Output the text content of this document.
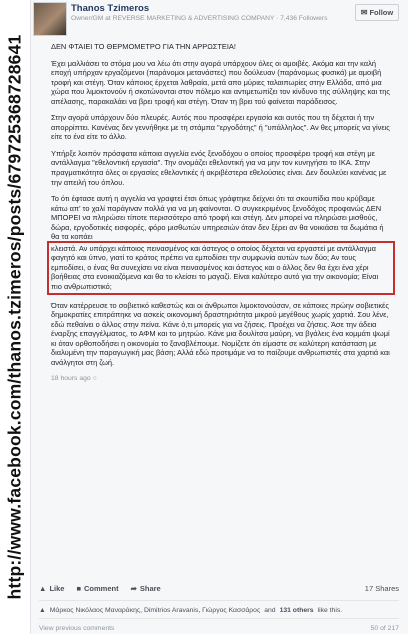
http://www.facebook.com/thanos.tzimeros/posts/679725368728641
Thanos Tzimeros
Owner/GM at REVERSE MARKETING & ADVERTISING COMPANY · 7,436 Followers
✉ Follow

ΔΕΝ ΦΤΑΙΕΙ ΤΟ ΘΕΡΜΟΜΕΤΡΟ ΓΙΑ ΤΗΝ ΑΡΡΩΣΤΕΙΑ!

Έχει μαλλιάσει το στόμα μου να λέω ότι στην αγορά υπάρχουν όλες οι αμοιβές. Ακόμα και την καλή εποχή υπήρχαν εργαζόμενοι (παράνομοι μετανάστες) που δούλευαν (παράνομως φυσικά) με αμοιβή τροφή και στέγη. Όταν κάποιος έρχεται λαθραία, μετά απο μύριες ταλαιπωρίες στην Ελλάδα, από μια χώρα που λιμοκτονούν ή σκοτώνονται στον πόλεμο και αντιμετωπίζει τον κίνδυνο της σύλληψης και της απέλασης, παρακαλάει να βρει τροφή και στέγη. Όταν τη βρει τού φαίνεται παράδεισος.

Στην αγορά υπάρχουν δύο πλευρές. Αυτός που προσφέρει εργασία και αυτός που τη δέχεται ή την απορρίπτει. Κανένας δεν γεννήθηκε με τη στάμπα "εργοδότης" ή "υπάλληλος". Αν θες μπορείς να γίνεις είτε το ένα είτε το άλλο.

Υπήρξε λοιπόν πρόσφατα κάποια αγγελία ενός ξενοδόχου ο οποίος προσφέρει τροφή και στέγη με αντάλλαγμα "εθελοντική εργασία". Την ονομάζει εθελοντική για να μην τον κυνηγήσει το ΙΚΑ. Στην πραγματικότητα όλες οι εργασίες εθελοντικές ή ακριβέστερα εθελούσιες είναι. Δεν δουλεύει κανένας με την απειλή του όπλου.

Το ότι έφτασε αυτή η αγγελία να γραφτεί έτσι όπως γράφτηκε δείχνει ότι τα σκουπίδια που κρύβαμε κάτω απ' το χαλί παράγιναν πολλά για να μη φαίνονται. Ο συγκεκριμένος ξενοδόχος προφανώς ΔΕΝ ΜΠΟΡΕΙ να πληρώσει τίποτε περισσότερο από τροφή και στέγη. Δεν μπορεί να πληρώσει μισθούς, δώρα, εργοδοτικές εισφορές, φόρο μισθωτών υπηρεσιών όταν δεν ξέρει αν θα νοικιάσει τα δωμάτια ή θα τα κοπάει

κλειστά. Αν υπάρχει κάποιος πεινασμένος και άστεγος ο οποίος δέχεται να εργαστεί με αντάλλαγμα φαγητό και ύπνο, γιατί το κράτος πρέπει να εμποδίσει την συμφωνία αυτών των δύο; Αν τους εμποδίσει, ο ένας θα συνεχίσει να είναι πεινασμένος και άστεγος και ο άλλος δεν θα έχει ένα χέρι βοήθειας στα ενοικιαζόμενα και θα το κλείσει το μαγαζί. Είναι καλύτερο αυτό για την οικονομία; Είναι πιο ανθρωπιστικό;

Όταν κατέρρευσε το σοβιετικό καθεστώς και οι άνθρωποι λιμοκτονούσαν, σε κάποιες πρώην σοβιετικές δημοκρατίες επιτράπηκε να ασκείς οικονομική δραστηριότητα μικρού μεγέθους χωρίς χαρτιά. Σου λένε, εδώ πεθαίνει ο άλλος στην πείνα. Κάνε ό,τι μπορείς για να ζήσεις. Προέχει να ζήσεις. Άσε την άδεια έναρξης επαγγέλματος, το ΑΦΜ και το μητρώο. Κάνε μια δουλίτσα μαύρη, να βγάλεις ένα κομμάτι ψωμί κι όταν ορθοποδήσει η οικονομία το ξαναβλέπουμε. Νομίζετε ότι είμαστε σε καλύτερη κατάσταση με διαλυμένη την παραγωγική μας βάση; Αλλά εδώ προτιμάμε να το παίζουμε ανθρωπιστές στα χαρτιά και ανάλγητοι στη ζωή.

18 hours ago ○
▲ Like ■ Comment ➦ Share	17 Shares
▲ Μάρκος Νικόλαος Μαναράκης, Dimitrios Aravanis, Γιώργος Κασσάρος and 131 others like this.
View previous comments	50 of 217
